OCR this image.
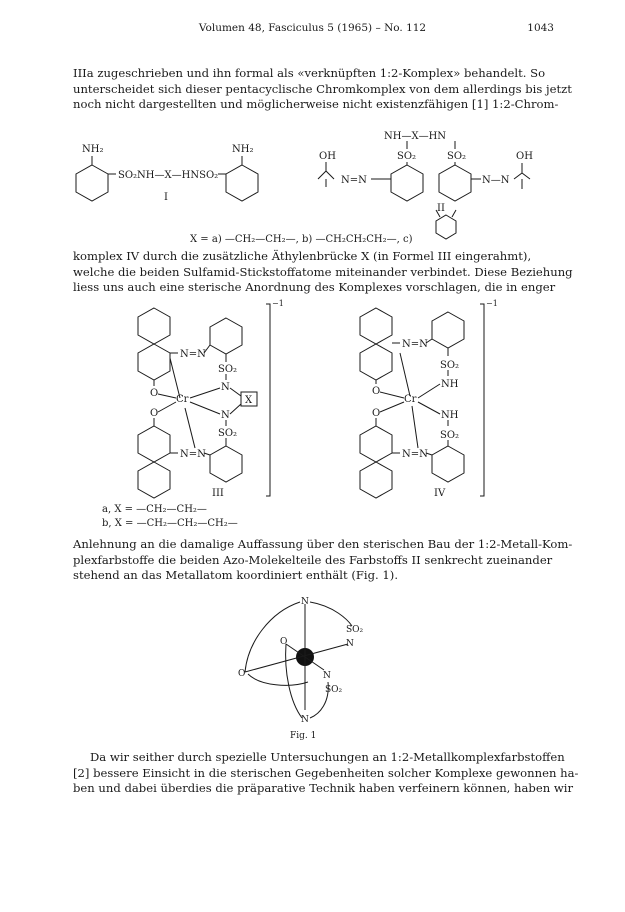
Volumen 48, Fasciculus 5 (1965) – No. 112	1043

IIIa zugeschrieben und ihn formal als «verknüpften 1:2-Komplex» behandelt. So
unterscheidet sich dieser pentacyclische Chromkomplex von dem allerdings bis jetzt
noch nicht dargestellten und möglicherweise nicht existenzfähigen [1] 1:2-Chrom-

NH₂
SO₂NH—X—HNSO₂
NH₂
I
NH—X—HN
OH	OH
SO₂	SO₂
N=N
II
N—N
X = a) —CH₂—CH₂—, b) —CH₂CH₂CH₂—, c)

komplex IV durch die zusätzliche Äthylenbrücke X (in Formel III eingerahmt),
welche die beiden Sulfamid-Stickstoffatome miteinander verbindet. Diese Beziehung
liess uns auch eine sterische Anordnung des Komplexes vorschlagen, die in enger

N=N
SO₂
N
O
Cr	X
O	N
SO₂
N=N
III
−1
N=N
SO₂
NH
O
Cr
O	NH
SO₂
N=N
IV
−1
a, X = —CH₂—CH₂—
b, X = —CH₂—CH₂—CH₂—

Anlehnung an die damalige Auffassung über den sterischen Bau der 1:2-Metall-Kom-
plexfarbstoffe die beiden Azo-Molekelteile des Farbstoffs II senkrecht zueinander
stehend an das Metallatom koordiniert enthält (Fig. 1).

N
SO₂
N
O
O	N
SO₂
N
Fig. 1

Da wir seither durch spezielle Untersuchungen an 1:2-Metallkomplexfarbstoffen
[2] bessere Einsicht in die sterischen Gegebenheiten solcher Komplexe gewonnen ha-
ben und dabei überdies die präparative Technik haben verfeinern können, haben wir
